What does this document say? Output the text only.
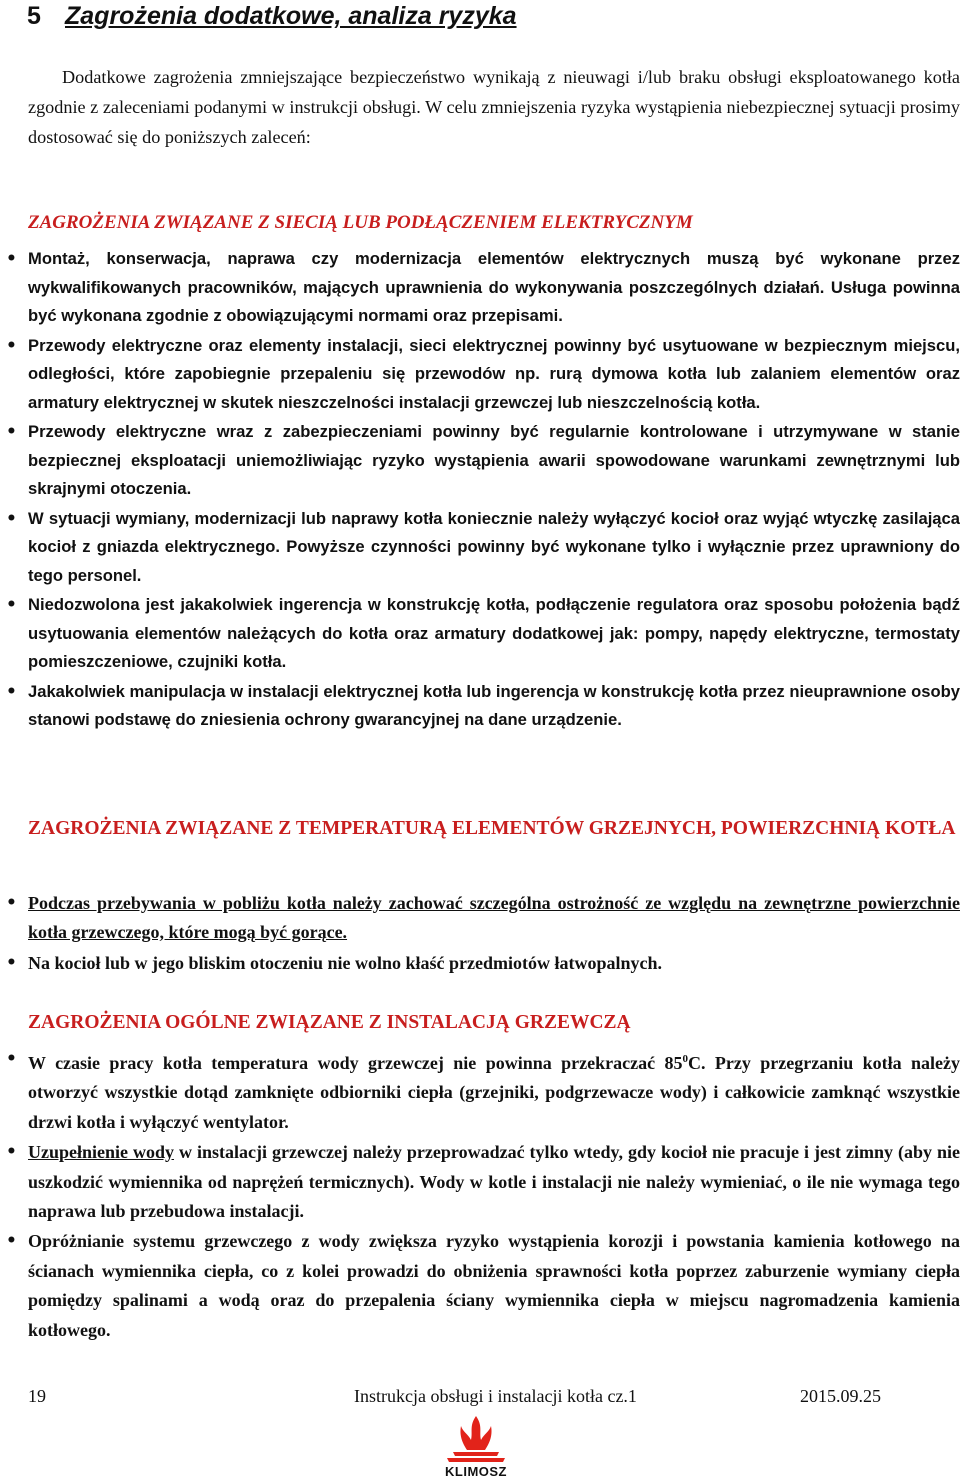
5 Zagrożenia dodatkowe, analiza ryzyka

Dodatkowe zagrożenia zmniejszające bezpieczeństwo wynikają z nieuwagi i/lub braku obsługi eksploatowanego kotła zgodnie z zaleceniami podanymi w instrukcji obsługi. W celu zmniejszenia ryzyka wystąpienia niebezpiecznej sytuacji prosimy dostosować się do poniższych zaleceń:

ZAGROŻENIA ZWIĄZANE Z SIECIĄ LUB PODŁĄCZENIEM ELEKTRYCZNYM
• Montaż, konserwacja, naprawa czy modernizacja elementów elektrycznych muszą być wykonane przez wykwalifikowanych pracowników, mających uprawnienia do wykonywania poszczególnych działań. Usługa powinna być wykonana zgodnie z obowiązującymi normami oraz przepisami.
• Przewody elektryczne oraz elementy instalacji, sieci elektrycznej powinny być usytuowane w bezpiecznym miejscu, odległości, które zapobiegnie przepaleniu się przewodów np. rurą dymowa kotła lub zalaniem elementów oraz armatury elektrycznej w skutek nieszczelności instalacji grzewczej lub nieszczelnością kotła.
• Przewody elektryczne wraz z zabezpieczeniami powinny być regularnie kontrolowane i utrzymywane w stanie bezpiecznej eksploatacji uniemożliwiając ryzyko wystąpienia awarii spowodowane warunkami zewnętrznymi lub skrajnymi otoczenia.
• W sytuacji wymiany, modernizacji lub naprawy kotła koniecznie należy wyłączyć kocioł oraz wyjąć wtyczkę zasilająca kocioł z gniazda elektrycznego. Powyższe czynności powinny być wykonane tylko i wyłącznie przez uprawniony do tego personel.
• Niedozwolona jest jakakolwiek ingerencja w konstrukcję kotła, podłączenie regulatora oraz sposobu położenia bądź usytuowania elementów należących do kotła oraz armatury dodatkowej jak: pompy, napędy elektryczne, termostaty pomieszczeniowe, czujniki kotła.
• Jakakolwiek manipulacja w instalacji elektrycznej kotła lub ingerencja w konstrukcję kotła przez nieuprawnione osoby stanowi podstawę do zniesienia ochrony gwarancyjnej na dane urządzenie.
ZAGROŻENIA ZWIĄZANE Z TEMPERATURĄ ELEMENTÓW GRZEJNYCH, POWIERZCHNIĄ KOTŁA
• Podczas przebywania w pobliżu kotła należy zachować szczególna ostrożność ze względu na zewnętrzne powierzchnie kotła grzewczego, które mogą być gorące.
• Na kocioł lub w jego bliskim otoczeniu nie wolno kłaść przedmiotów łatwopalnych.
ZAGROŻENIA OGÓLNE ZWIĄZANE Z INSTALACJĄ GRZEWCZĄ
• W czasie pracy kotła temperatura wody grzewczej nie powinna przekraczać $85^0C$. Przy przegrzaniu kotła należy otworzyć wszystkie dotąd zamknięte odbiorniki ciepła (grzejniki, podgrzewacze wody) i całkowicie zamknąć wszystkie drzwi kotła i wyłączyć wentylator.
• Uzupełnienie wody w instalacji grzewczej należy przeprowadzać tylko wtedy, gdy kocioł nie pracuje i jest zimny (aby nie uszkodzić wymiennika od naprężeń termicznych). Wody w kotle i instalacji nie należy wymieniać, o ile nie wymaga tego naprawa lub przebudowa instalacji.
• Opróżnianie systemu grzewczego z wody zwiększa ryzyko wystąpienia korozji i powstania kamienia kotłowego na ścianach wymiennika ciepła, co z kolei prowadzi do obniżenia sprawności kotła poprzez zaburzenie wymiany ciepła pomiędzy spalinami a wodą oraz do przepalenia ściany wymiennika ciepła w miejscu nagromadzenia kamienia kotłowego.
19	Instrukcja obsługi i instalacji kotła cz.1	2015.09.25
KLIMOSZ
